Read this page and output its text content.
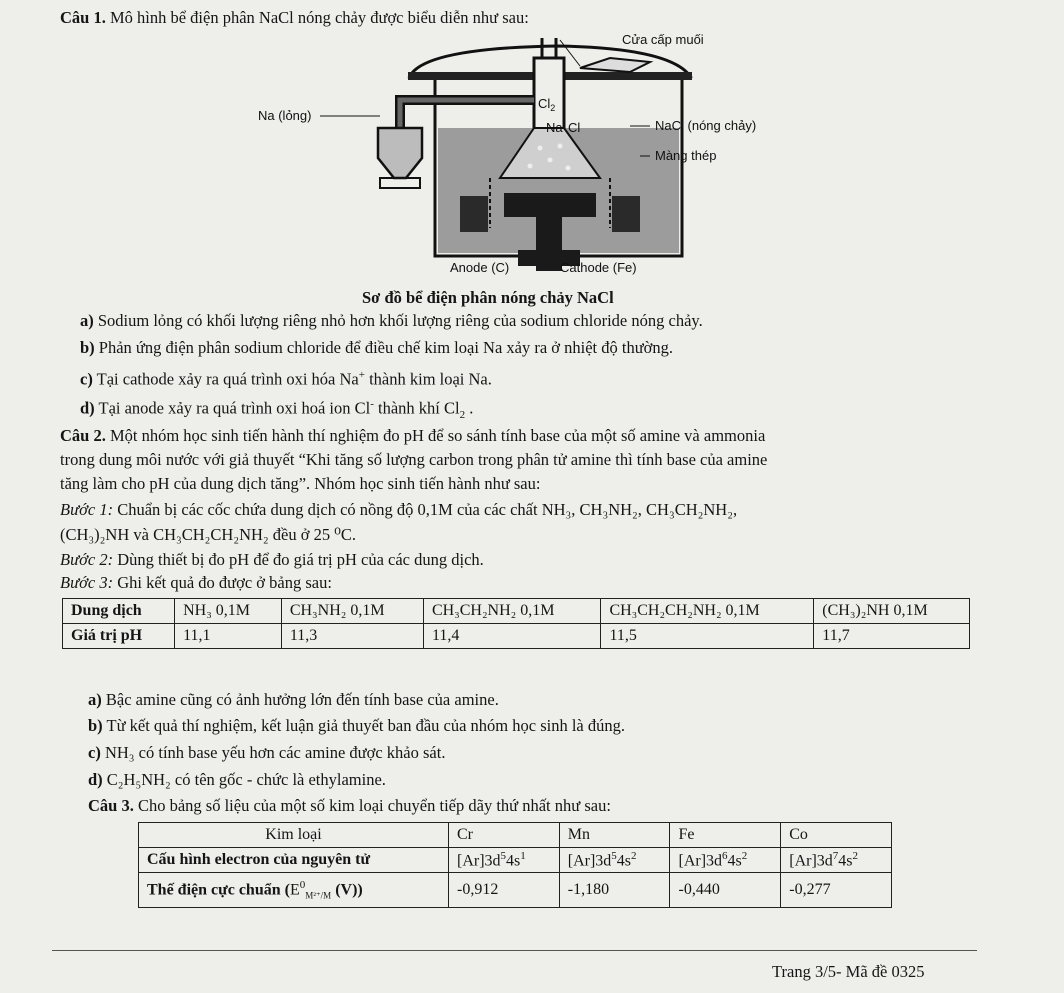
Câu 1. Mô hình bể điện phân NaCl nóng chảy được biểu diễn như sau:
Cửa cấp muối
Na (lỏng)
$Cl_2$
Na Cl	NaCl (nóng chảy)
Màng thép
Anode (C)	Cathode (Fe)
Sơ đồ bể điện phân nóng chảy NaCl
a) Sodium lỏng có khối lượng riêng nhỏ hơn khối lượng riêng của sodium chloride nóng chảy.
b) Phản ứng điện phân sodium chloride để điều chế kim loại Na xảy ra ở nhiệt độ thường.
c) Tại cathode xảy ra quá trình oxi hóa Na+ thành kim loại Na.
d) Tại anode xảy ra quá trình oxi hoá ion Cl- thành khí $Cl_2$ .
Câu 2. Một nhóm học sinh tiến hành thí nghiệm đo pH để so sánh tính base của một số amine và ammonia
trong dung môi nước với giả thuyết “Khi tăng số lượng carbon trong phân tử amine thì tính base của amine
tăng làm cho pH của dung dịch tăng”. Nhóm học sinh tiến hành như sau:
Bước 1: Chuẩn bị các cốc chứa dung dịch có nồng độ 0,1M của các chất NH₃, CH₃NH₂, CH₃CH₂NH₂,
(CH₃)₂NH và CH₃CH₂CH₂NH₂ đều ở 25 ⁰C.
Bước 2: Dùng thiết bị đo pH để đo giá trị pH của các dung dịch.
Bước 3: Ghi kết quả đo được ở bảng sau:
Dung dịch	NH₃ 0,1M	CH₃NH₂ 0,1M	CH₃CH₂NH₂ 0,1M	CH₃CH₂CH₂NH₂ 0,1M	(CH₃)₂NH 0,1M
Giá trị pH	11,1	11,3	11,4	11,5	11,7
a) Bậc amine cũng có ảnh hưởng lớn đến tính base của amine.
b) Từ kết quả thí nghiệm, kết luận giả thuyết ban đầu của nhóm học sinh là đúng.
c) NH₃ có tính base yếu hơn các amine được khảo sát.
d) C₂H₅NH₂ có tên gốc - chức là ethylamine.
Câu 3. Cho bảng số liệu của một số kim loại chuyển tiếp dãy thứ nhất như sau:
Kim loại	Cr	Mn	Fe	Co
Cấu hình electron của nguyên tử	$[Ar]3d^54s^1$	$[Ar]3d^54s^2$	$[Ar]3d^64s^2$	$[Ar]3d^74s^2$
Thế điện cực chuẩn ($E^0_{M^{2+}/M}$ (V))	-0,912	-1,180	-0,440	-0,277
Trang 3/5- Mã đề 0325
